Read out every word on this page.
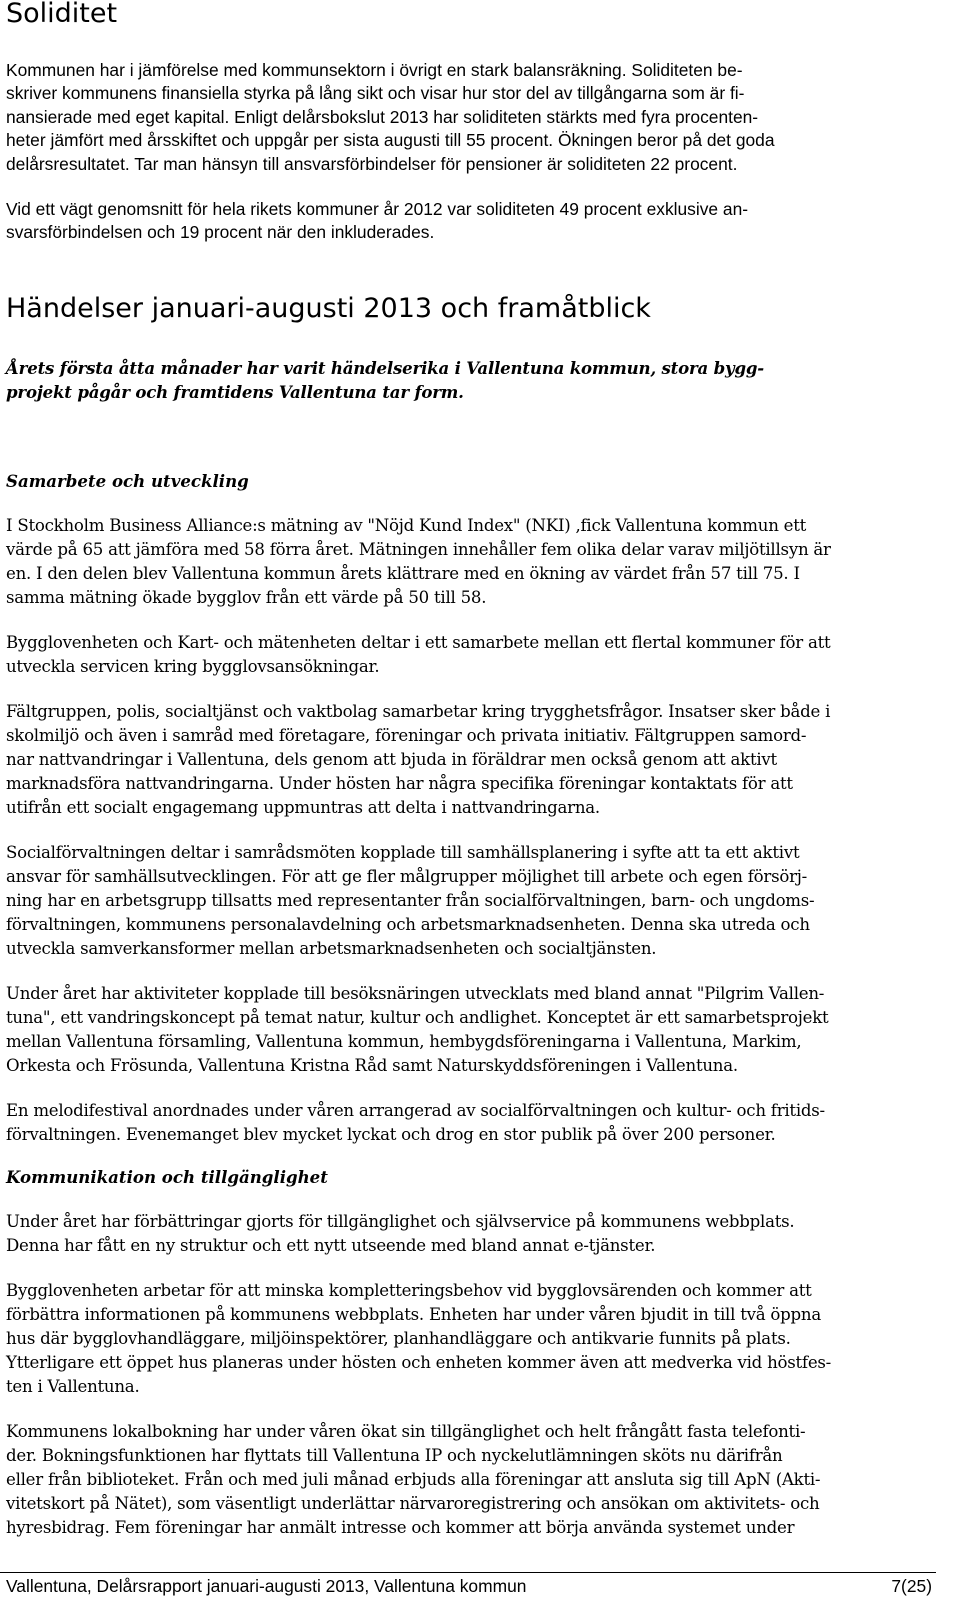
Soliditet

Kommunen har i jämförelse med kommunsektorn i övrigt en stark balansräkning. Soliditeten be-
skriver kommunens finansiella styrka på lång sikt och visar hur stor del av tillgångarna som är fi-
nansierade med eget kapital. Enligt delårsbokslut 2013 har soliditeten stärkts med fyra procenten-
heter jämfört med årsskiftet och uppgår per sista augusti till 55 procent. Ökningen beror på det goda
delårsresultatet. Tar man hänsyn till ansvarsförbindelser för pensioner är soliditeten 22 procent.

Vid ett vägt genomsnitt för hela rikets kommuner år 2012 var soliditeten 49 procent exklusive an-
svarsförbindelsen och 19 procent när den inkluderades.

Händelser januari-augusti 2013 och framåtblick

Årets första åtta månader har varit händelserika i Vallentuna kommun, stora bygg-
projekt pågår och framtidens Vallentuna tar form.

Samarbete och utveckling

I Stockholm Business Alliance:s mätning av "Nöjd Kund Index" (NKI) ,fick Vallentuna kommun ett
värde på 65 att jämföra med 58 förra året. Mätningen innehåller fem olika delar varav miljötillsyn är
en. I den delen blev Vallentuna kommun årets klättrare med en ökning av värdet från 57 till 75. I
samma mätning ökade bygglov från ett värde på 50 till 58.

Bygglovenheten och Kart- och mätenheten deltar i ett samarbete mellan ett flertal kommuner för att
utveckla servicen kring bygglovsansökningar.

Fältgruppen, polis, socialtjänst och vaktbolag samarbetar kring trygghetsfrågor. Insatser sker både i
skolmiljö och även i samråd med företagare, föreningar och privata initiativ. Fältgruppen samord-
nar nattvandringar i Vallentuna, dels genom att bjuda in föräldrar men också genom att aktivt
marknadsföra nattvandringarna. Under hösten har några specifika föreningar kontaktats för att
utifrån ett socialt engagemang uppmuntras att delta i nattvandringarna.

Socialförvaltningen deltar i samrådsmöten kopplade till samhällsplanering i syfte att ta ett aktivt
ansvar för samhällsutvecklingen. För att ge fler målgrupper möjlighet till arbete och egen försörj-
ning har en arbetsgrupp tillsatts med representanter från socialförvaltningen, barn- och ungdoms-
förvaltningen, kommunens personalavdelning och arbetsmarknadsenheten. Denna ska utreda och
utveckla samverkansformer mellan arbetsmarknadsenheten och socialtjänsten.

Under året har aktiviteter kopplade till besöksnäringen utvecklats med bland annat "Pilgrim Vallen-
tuna", ett vandringskoncept på temat natur, kultur och andlighet. Konceptet är ett samarbetsprojekt
mellan Vallentuna församling, Vallentuna kommun, hembygdsföreningarna i Vallentuna, Markim,
Orkesta och Frösunda, Vallentuna Kristna Råd samt Naturskyddsföreningen i Vallentuna.

En melodifestival anordnades under våren arrangerad av socialförvaltningen och kultur- och fritids-
förvaltningen. Evenemanget blev mycket lyckat och drog en stor publik på över 200 personer.

Kommunikation och tillgänglighet

Under året har förbättringar gjorts för tillgänglighet och självservice på kommunens webbplats.
Denna har fått en ny struktur och ett nytt utseende med bland annat e-tjänster.

Bygglovenheten arbetar för att minska kompletteringsbehov vid bygglovsärenden och kommer att
förbättra informationen på kommunens webbplats. Enheten har under våren bjudit in till två öppna
hus där bygglovhandläggare, miljöinspektörer, planhandläggare och antikvarie funnits på plats.
Ytterligare ett öppet hus planeras under hösten och enheten kommer även att medverka vid höstfes-
ten i Vallentuna.

Kommunens lokalbokning har under våren ökat sin tillgänglighet och helt frångått fasta telefonti-
der. Bokningsfunktionen har flyttats till Vallentuna IP och nyckelutlämningen sköts nu därifrån
eller från biblioteket. Från och med juli månad erbjuds alla föreningar att ansluta sig till ApN (Akti-
vitetskort på Nätet), som väsentligt underlättar närvaroregistrering och ansökan om aktivitets- och
hyresbidrag. Fem föreningar har anmält intresse och kommer att börja använda systemet under

Vallentuna, Delårsrapport januari-augusti 2013, Vallentuna kommun	7(25)
